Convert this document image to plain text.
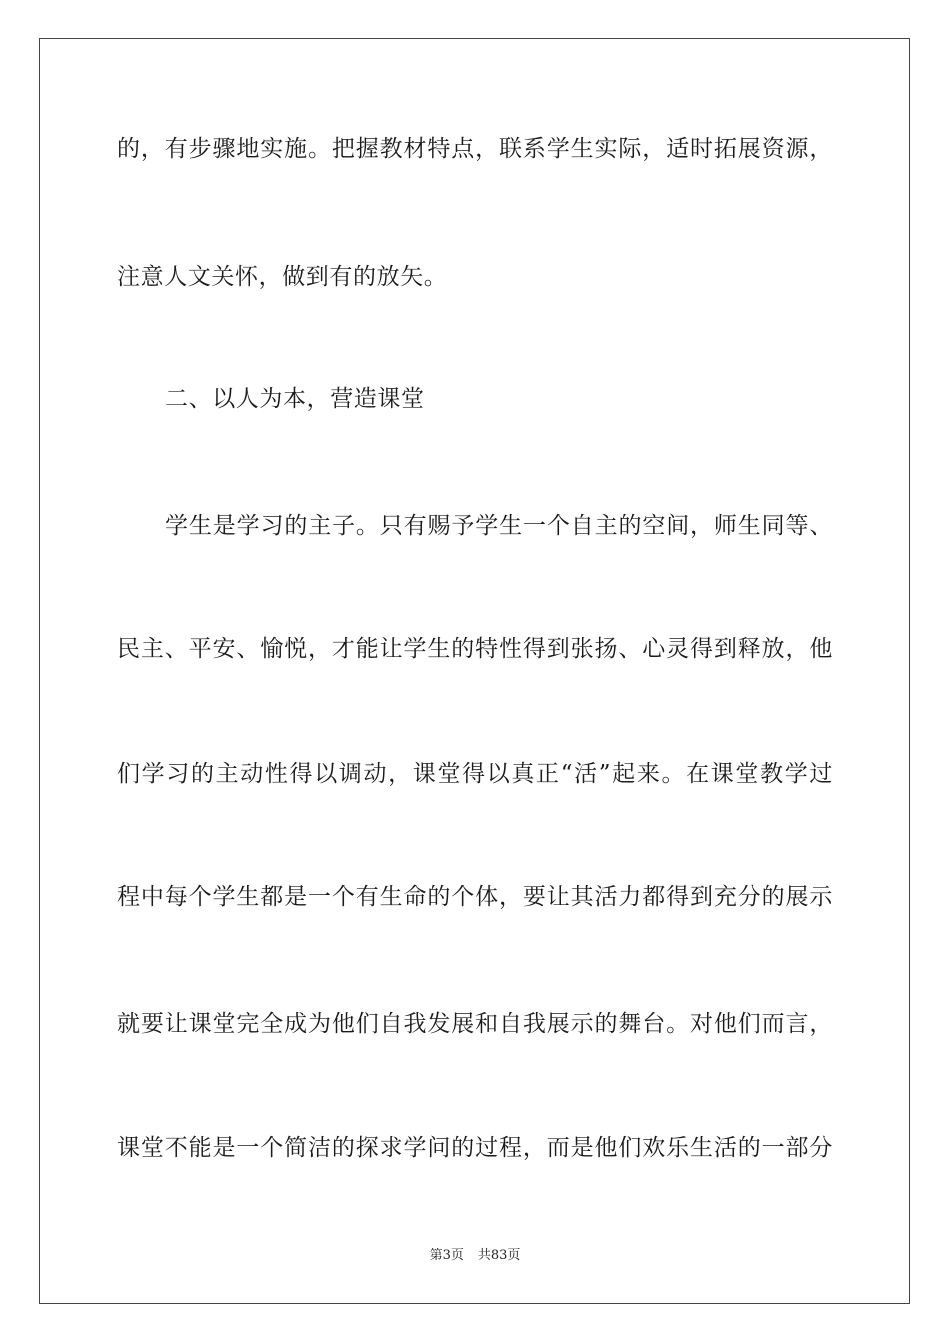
的，有步骤地实施。把握教材特点，联系学生实际，适时拓展资源，
注意人文关怀，做到有的放矢。
二、以人为本，营造课堂
学生是学习的主子。只有赐予学生一个自主的空间，师生同等、
民主、平安、愉悦，才能让学生的特性得到张扬、心灵得到释放，他
们学习的主动性得以调动，课堂得以真正“活”起来。在课堂教学过
程中每个学生都是一个有生命的个体，要让其活力都得到充分的展示
就要让课堂完全成为他们自我发展和自我展示的舞台。对他们而言，
课堂不能是一个简洁的探求学问的过程，而是他们欢乐生活的一部分
第3页 共83页
